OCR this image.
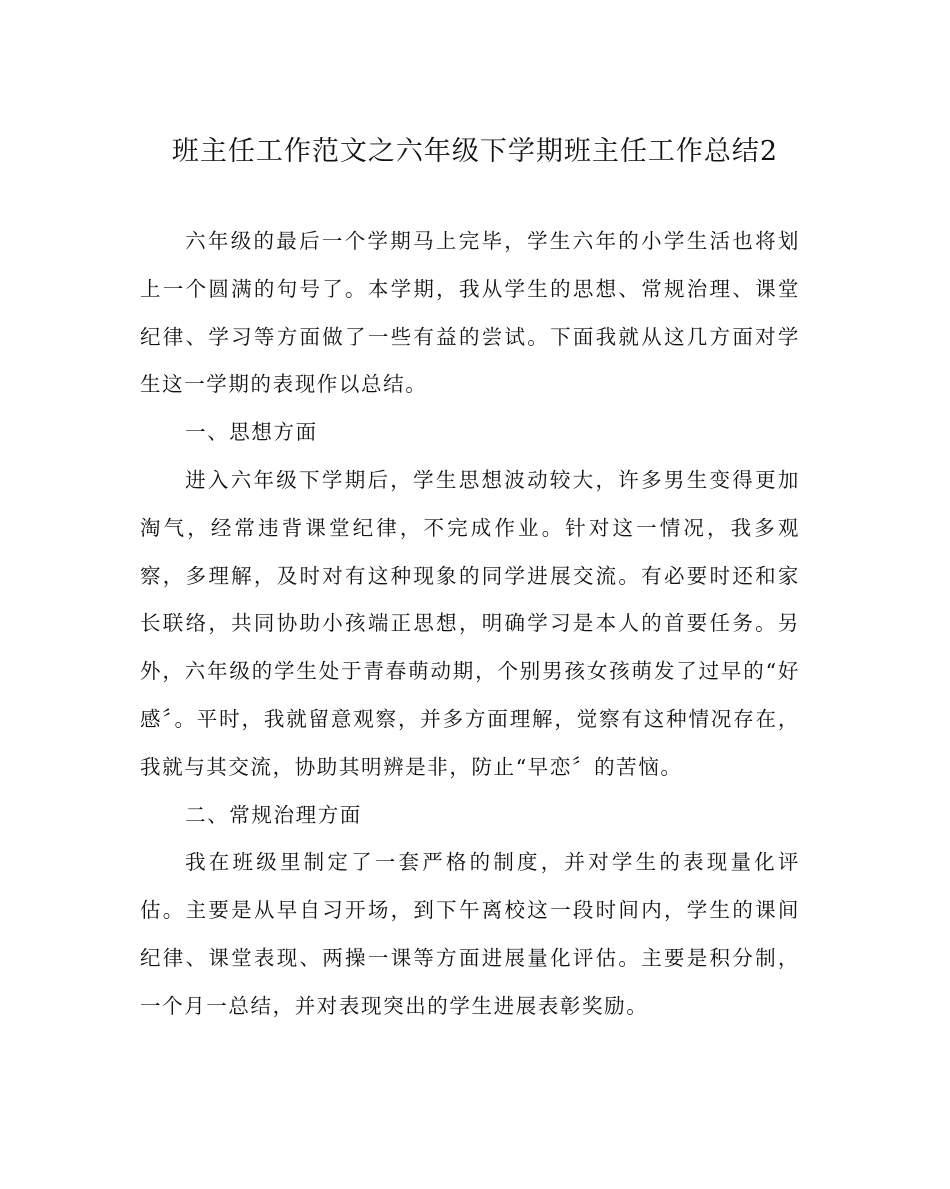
班主任工作范文之六年级下学期班主任工作总结2

六年级的最后一个学期马上完毕，学生六年的小学生活也将划上一个圆满的句号了。本学期，我从学生的思想、常规治理、课堂纪律、学习等方面做了一些有益的尝试。下面我就从这几方面对学生这一学期的表现作以总结。

一、思想方面

进入六年级下学期后，学生思想波动较大，许多男生变得更加淘气，经常违背课堂纪律，不完成作业。针对这一情况，我多观察，多理解，及时对有这种现象的同学进展交流。有必要时还和家长联络，共同协助小孩端正思想，明确学习是本人的首要任务。另外，六年级的学生处于青春萌动期，个别男孩女孩萌发了过早的“好感〞。平时，我就留意观察，并多方面理解，觉察有这种情况存在，我就与其交流，协助其明辨是非，防止“早恋〞的苦恼。

二、常规治理方面

我在班级里制定了一套严格的制度，并对学生的表现量化评估。主要是从早自习开场，到下午离校这一段时间内，学生的课间纪律、课堂表现、两操一课等方面进展量化评估。主要是积分制，一个月一总结，并对表现突出的学生进展表彰奖励。
